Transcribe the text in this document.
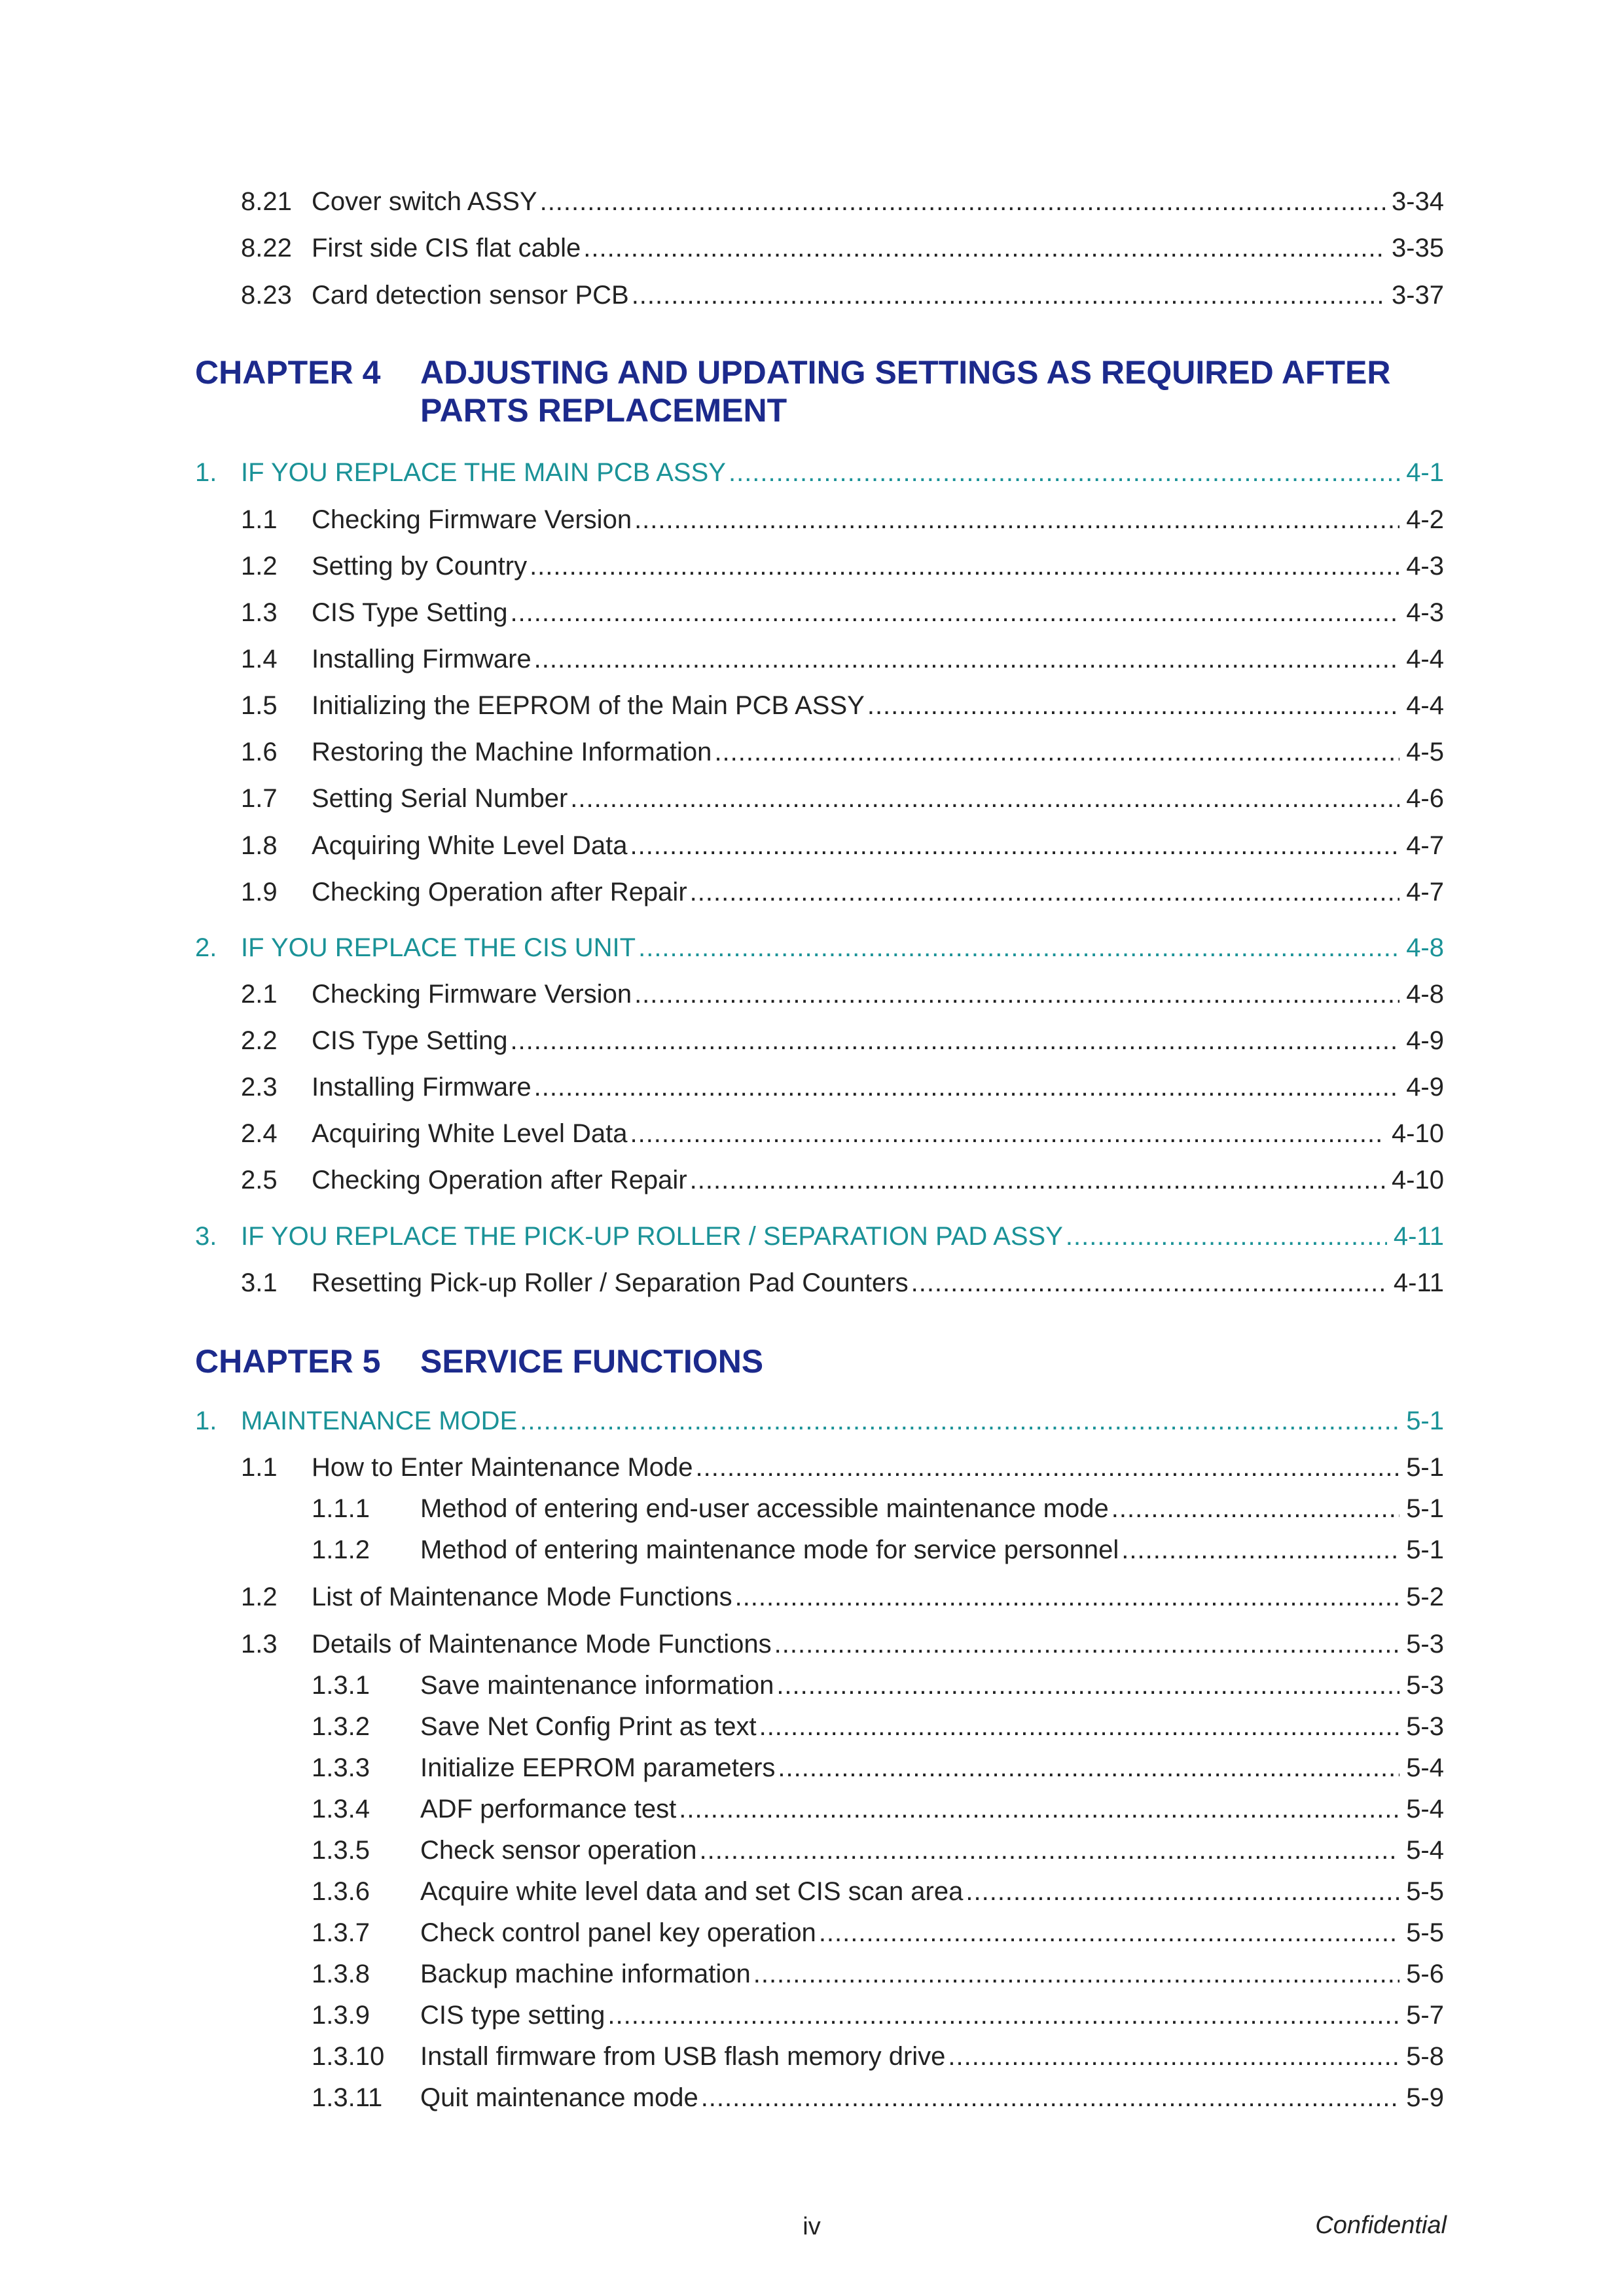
8.21 Cover switch ASSY .....	3-34
8.22 First side CIS flat cable .....	3-35
8.23 Card detection sensor PCB .....	3-37
CHAPTER 4 ADJUSTING AND UPDATING SETTINGS AS REQUIRED AFTER PARTS REPLACEMENT
1. IF YOU REPLACE THE MAIN PCB ASSY .....	4-1
1.1	Checking Firmware Version .....	4-2
1.2	Setting by Country .....	4-3
1.3	CIS Type Setting .....	4-3
1.4	Installing Firmware .....	4-4
1.5	Initializing the EEPROM of the Main PCB ASSY .....	4-4
1.6	Restoring the Machine Information .....	4-5
1.7	Setting Serial Number .....	4-6
1.8	Acquiring White Level Data .....	4-7
1.9	Checking Operation after Repair .....	4-7
2. IF YOU REPLACE THE CIS UNIT .....	4-8
2.1	Checking Firmware Version .....	4-8
2.2	CIS Type Setting .....	4-9
2.3	Installing Firmware .....	4-9
2.4	Acquiring White Level Data .....	4-10
2.5	Checking Operation after Repair .....	4-10
3. IF YOU REPLACE THE PICK-UP ROLLER / SEPARATION PAD ASSY .....	4-11
3.1	Resetting Pick-up Roller / Separation Pad Counters .....	4-11
CHAPTER 5 SERVICE FUNCTIONS
1. MAINTENANCE MODE .....	5-1
1.1	How to Enter Maintenance Mode .....	5-1
1.1.1	Method of entering end-user accessible maintenance mode .....	5-1
1.1.2	Method of entering maintenance mode for service personnel .....	5-1
1.2	List of Maintenance Mode Functions .....	5-2
1.3	Details of Maintenance Mode Functions .....	5-3
1.3.1	Save maintenance information .....	5-3
1.3.2	Save Net Config Print as text .....	5-3
1.3.3	Initialize EEPROM parameters .....	5-4
1.3.4	ADF performance test .....	5-4
1.3.5	Check sensor operation .....	5-4
1.3.6	Acquire white level data and set CIS scan area .....	5-5
1.3.7	Check control panel key operation .....	5-5
1.3.8	Backup machine information .....	5-6
1.3.9	CIS type setting .....	5-7
1.3.10	Install firmware from USB flash memory drive .....	5-8
1.3.11	Quit maintenance mode .....	5-9
iv	Confidential
